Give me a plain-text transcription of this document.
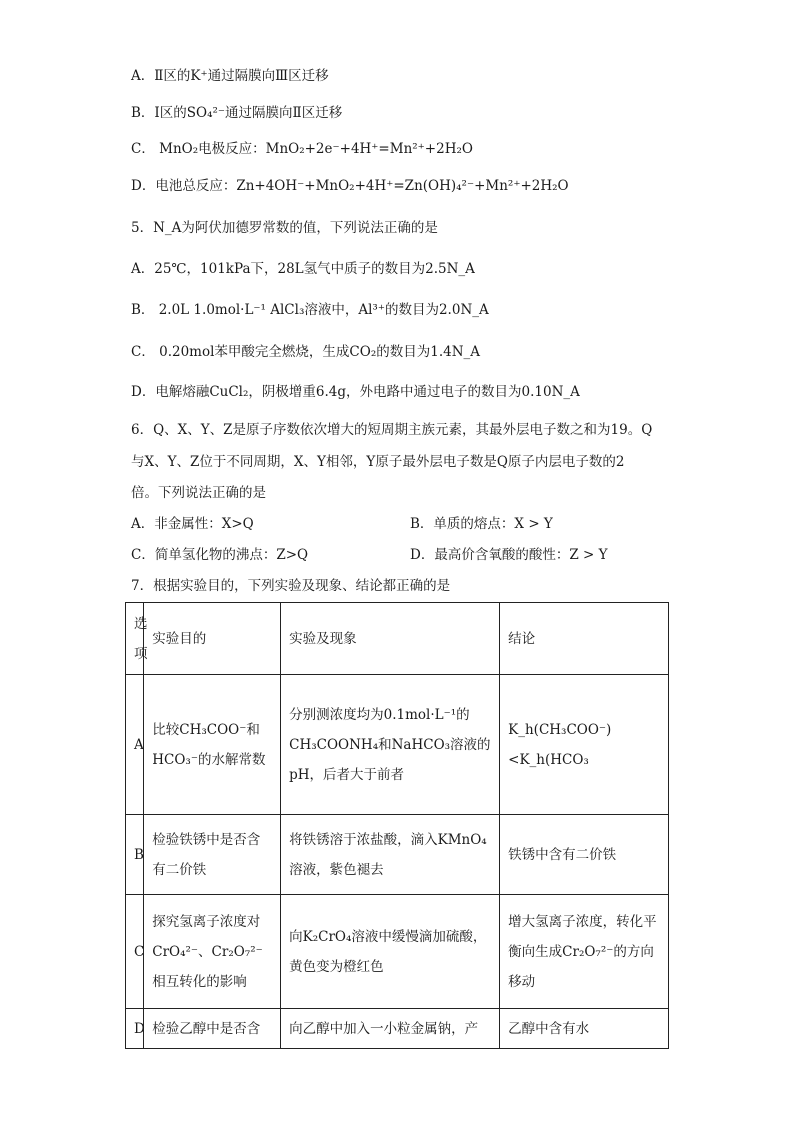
A．Ⅱ区的K⁺通过隔膜向Ⅲ区迁移
B．Ⅰ区的SO₄²⁻通过隔膜向Ⅱ区迁移
C． MnO₂电极反应：MnO₂+2e⁻+4H⁺=Mn²⁺+2H₂O
D．电池总反应：Zn+4OH⁻+MnO₂+4H⁺=Zn(OH)₄²⁻+Mn²⁺+2H₂O
5．N_A为阿伏加德罗常数的值，下列说法正确的是
A．25℃，101kPa下，28L氢气中质子的数目为2.5N_A
B． 2.0L 1.0mol·L⁻¹ AlCl₃溶液中，Al³⁺的数目为2.0N_A
C． 0.20mol苯甲酸完全燃烧，生成CO₂的数目为1.4N_A
D．电解熔融CuCl₂，阴极增重6.4g，外电路中通过电子的数目为0.10N_A
6．Q、X、Y、Z是原子序数依次增大的短周期主族元素，其最外层电子数之和为19。Q
与X、Y、Z位于不同周期，X、Y相邻，Y原子最外层电子数是Q原子内层电子数的2
倍。下列说法正确的是
A．非金属性：X>Q	B．单质的熔点：X > Y
C．简单氢化物的沸点：Z>Q	D．最高价含氧酸的酸性：Z > Y
7．根据实验目的，下列实验及现象、结论都正确的是
选项	实验目的	实验及现象	结论
A	比较CH₃COO⁻和HCO₃⁻的水解常数	分别测浓度均为0.1mol·L⁻¹的CH₃COONH₄和NaHCO₃溶液的pH，后者大于前者	K_h(CH₃COO⁻)<K_h(HCO₃
B	检验铁锈中是否含有二价铁	将铁锈溶于浓盐酸，滴入KMnO₄溶液，紫色褪去	铁锈中含有二价铁
C	探究氢离子浓度对CrO₄²⁻、Cr₂O₇²⁻相互转化的影响	向K₂CrO₄溶液中缓慢滴加硫酸，黄色变为橙红色	增大氢离子浓度，转化平衡向生成Cr₂O₇²⁻的方向移动
D	检验乙醇中是否含	向乙醇中加入一小粒金属钠，产	乙醇中含有水
